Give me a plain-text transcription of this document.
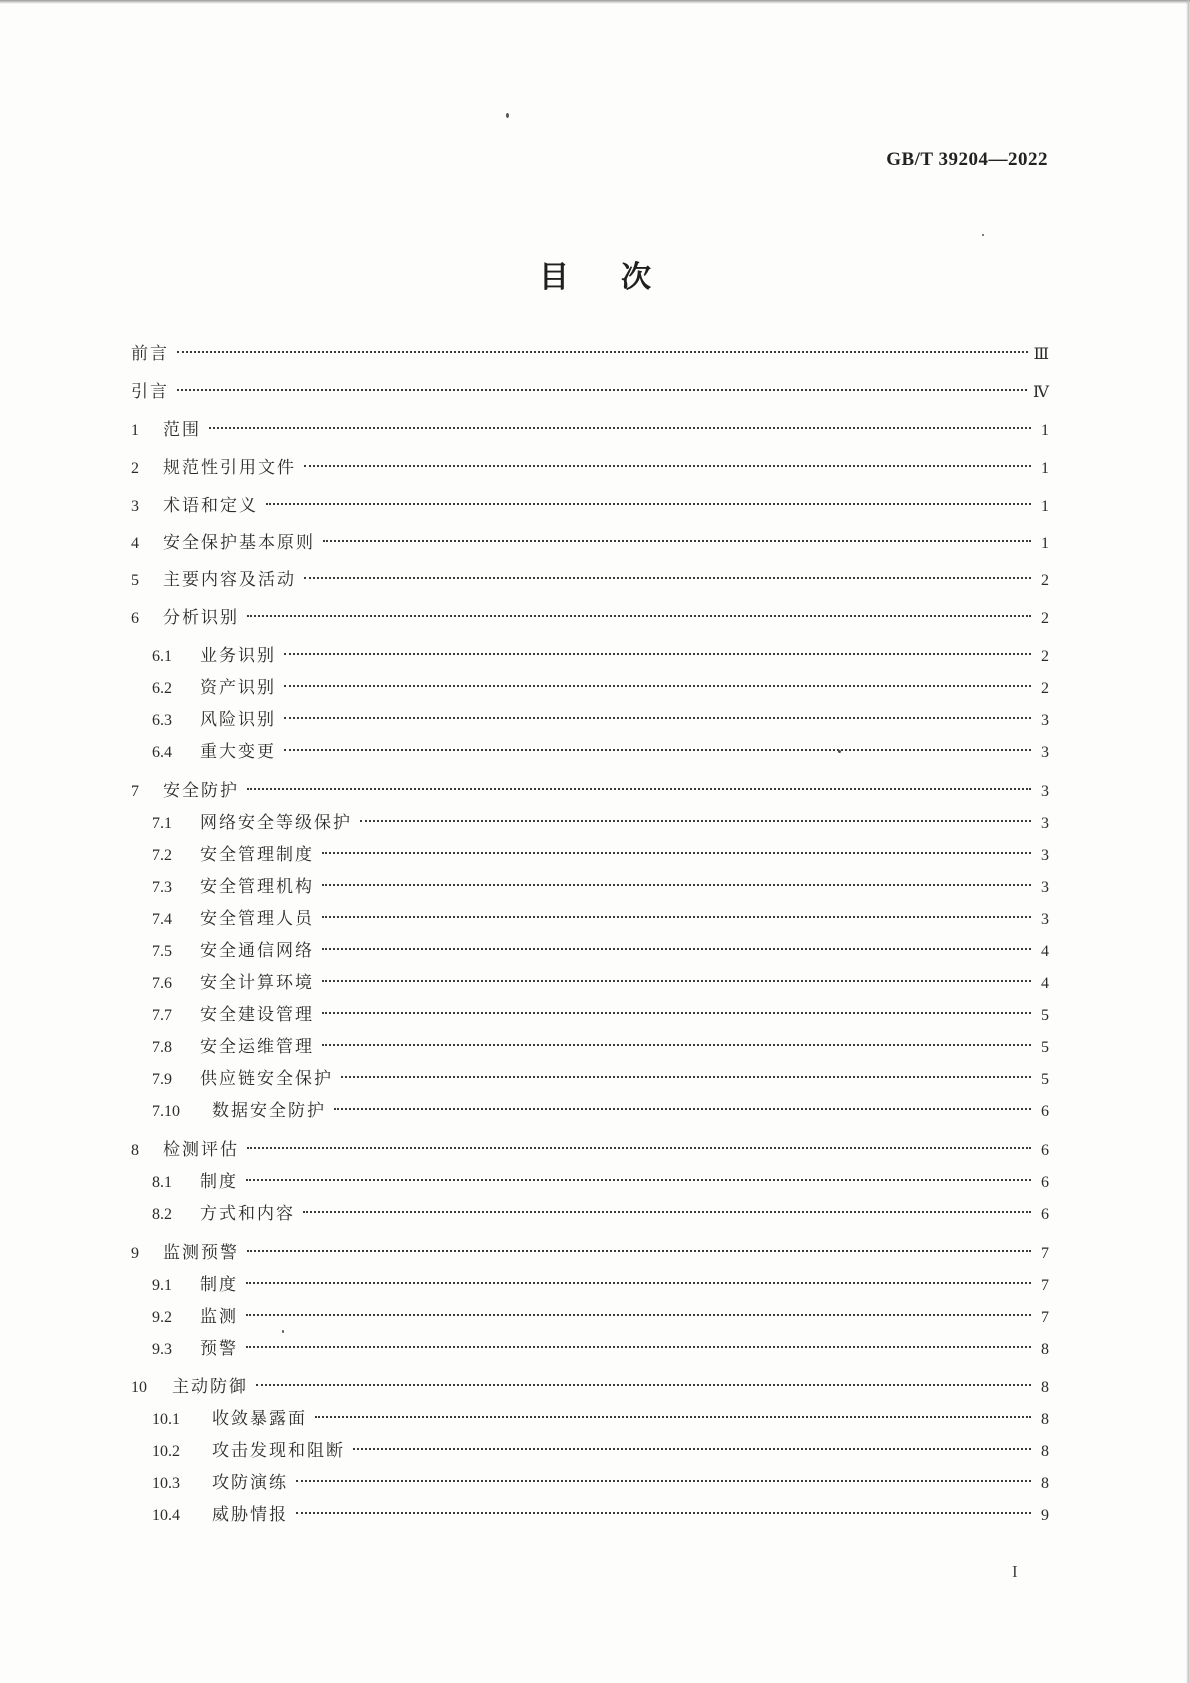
GB/T 39204—2022
目次
前言	Ⅲ
引言	Ⅳ
1	范围	1
2	规范性引用文件	1
3	术语和定义	1
4	安全保护基本原则	1
5	主要内容及活动	2
6	分析识别	2
6.1	业务识别	2
6.2	资产识别	2
6.3	风险识别	3
6.4	重大变更	3
7	安全防护	3
7.1	网络安全等级保护	3
7.2	安全管理制度	3
7.3	安全管理机构	3
7.4	安全管理人员	3
7.5	安全通信网络	4
7.6	安全计算环境	4
7.7	安全建设管理	5
7.8	安全运维管理	5
7.9	供应链安全保护	5
7.10	数据安全防护	6
8	检测评估	6
8.1	制度	6
8.2	方式和内容	6
9	监测预警	7
9.1	制度	7
9.2	监测	7
9.3	预警	8
10	主动防御	8
10.1	收敛暴露面	8
10.2	攻击发现和阻断	8
10.3	攻防演练	8
10.4	威胁情报	9
I
